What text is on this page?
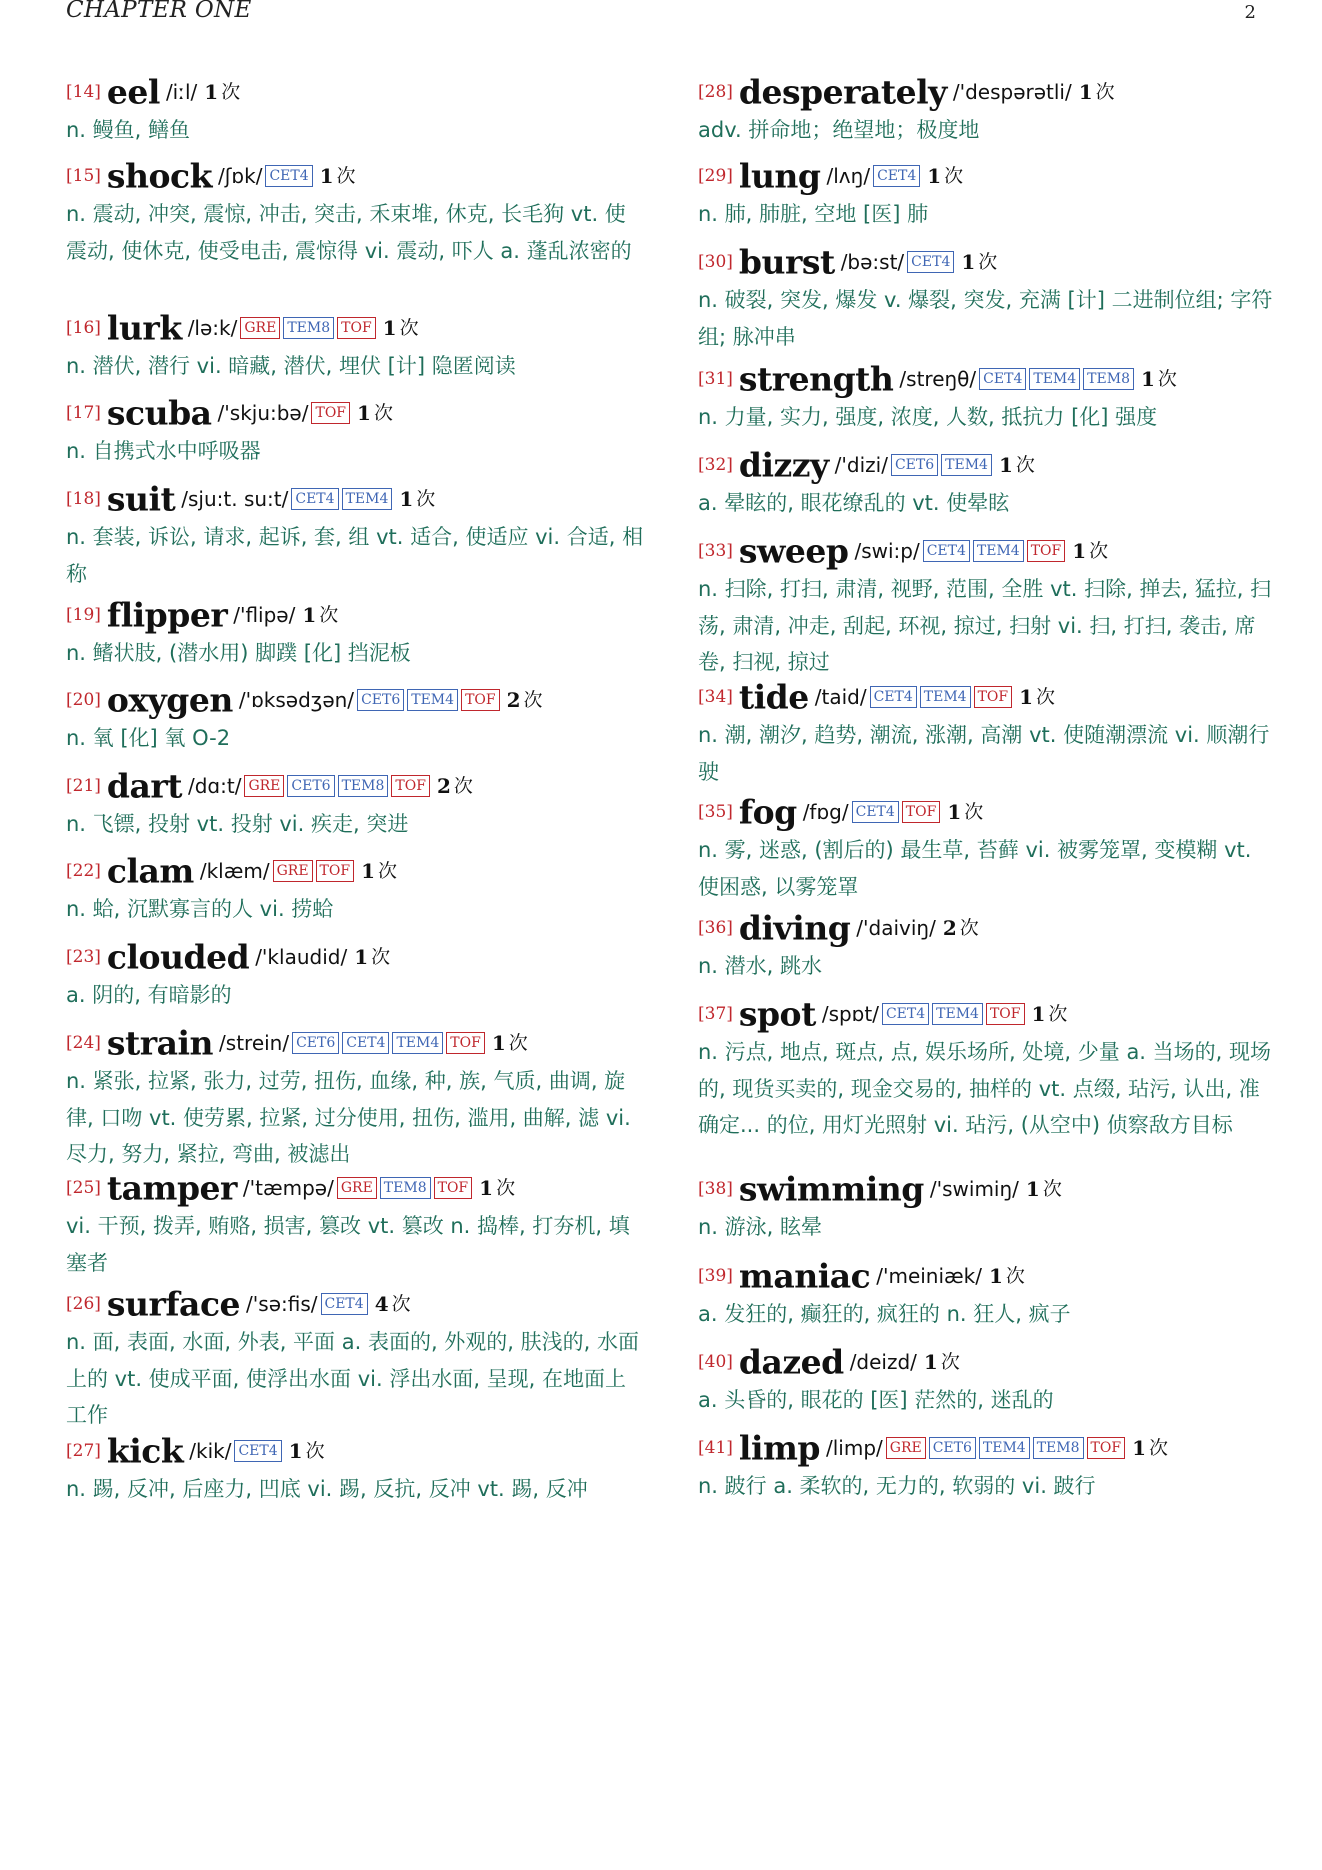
CHAPTER ONE	2
[14] eel /iːl/ 1 次
n. 鳗鱼, 鳝鱼
[15] shock /ʃɒk/ CET4 1 次
n. 震动, 冲突, 震惊, 冲击, 突击, 禾束堆, 休克, 长毛狗 vt. 使震动, 使休克, 使受电击, 震惊得 vi. 震动, 吓人 a. 蓬乱浓密的
[16] lurk /lə:k/ GRE TEM8 TOF 1 次
n. 潜伏, 潜行 vi. 暗藏, 潜伏, 埋伏 [计] 隐匿阅读
[17] scuba /'skju:bə/ TOF 1 次
n. 自携式水中呼吸器
[18] suit /sju:t. su:t/ CET4 TEM4 1 次
n. 套装, 诉讼, 请求, 起诉, 套, 组 vt. 适合, 使适应 vi. 合适, 相称
[19] flipper /'flipə/ 1 次
n. 鳍状肢, (潜水用) 脚蹼 [化] 挡泥板
[20] oxygen /'ɒksədʒən/ CET6 TEM4 TOF 2 次
n. 氧 [化] 氧 O-2
[21] dart /dɑ:t/ GRE CET6 TEM8 TOF 2 次
n. 飞镖, 投射 vt. 投射 vi. 疾走, 突进
[22] clam /klæm/ GRE TOF 1 次
n. 蛤, 沉默寡言的人 vi. 捞蛤
[23] clouded /'klaudid/ 1 次
a. 阴的, 有暗影的
[24] strain /strein/ CET6 CET4 TEM4 TOF 1 次
n. 紧张, 拉紧, 张力, 过劳, 扭伤, 血缘, 种, 族, 气质, 曲调, 旋律, 口吻 vt. 使劳累, 拉紧, 过分使用, 扭伤, 滥用, 曲解, 滤 vi. 尽力, 努力, 紧拉, 弯曲, 被滤出
[25] tamper /'tæmpə/ GRE TEM8 TOF 1 次
vi. 干预, 拨弄, 贿赂, 损害, 篡改 vt. 篡改 n. 捣棒, 打夯机, 填塞者
[26] surface /'sə:fis/ CET4 4 次
n. 面, 表面, 水面, 外表, 平面 a. 表面的, 外观的, 肤浅的, 水面上的 vt. 使成平面, 使浮出水面 vi. 浮出水面, 呈现, 在地面上工作
[27] kick /kik/ CET4 1 次
n. 踢, 反冲, 后座力, 凹底 vi. 踢, 反抗, 反冲 vt. 踢, 反冲
[28] desperately /'despərətli/ 1 次
adv. 拼命地；绝望地；极度地
[29] lung /lʌŋ/ CET4 1 次
n. 肺, 肺脏, 空地 [医] 肺
[30] burst /bə:st/ CET4 1 次
n. 破裂, 突发, 爆发 v. 爆裂, 突发, 充满 [计] 二进制位组; 字符组; 脉冲串
[31] strength /streŋθ/ CET4 TEM4 TEM8 1 次
n. 力量, 实力, 强度, 浓度, 人数, 抵抗力 [化] 强度
[32] dizzy /'dizi/ CET6 TEM4 1 次
a. 晕眩的, 眼花缭乱的 vt. 使晕眩
[33] sweep /swi:p/ CET4 TEM4 TOF 1 次
n. 扫除, 打扫, 肃清, 视野, 范围, 全胜 vt. 扫除, 掸去, 猛拉, 扫荡, 肃清, 冲走, 刮起, 环视, 掠过, 扫射 vi. 扫, 打扫, 袭击, 席卷, 扫视, 掠过
[34] tide /taid/ CET4 TEM4 TOF 1 次
n. 潮, 潮汐, 趋势, 潮流, 涨潮, 高潮 vt. 使随潮漂流 vi. 顺潮行驶
[35] fog /fɒg/ CET4 TOF 1 次
n. 雾, 迷惑, (割后的) 最生草, 苔藓 vi. 被雾笼罩, 变模糊 vt. 使困惑, 以雾笼罩
[36] diving /'daiviŋ/ 2 次
n. 潜水, 跳水
[37] spot /spɒt/ CET4 TEM4 TOF 1 次
n. 污点, 地点, 斑点, 点, 娱乐场所, 处境, 少量 a. 当场的, 现场的, 现货买卖的, 现金交易的, 抽样的 vt. 点缀, 玷污, 认出, 准确定... 的位, 用灯光照射 vi. 玷污, (从空中) 侦察敌方目标
[38] swimming /'swimiŋ/ 1 次
n. 游泳, 眩晕
[39] maniac /'meiniæk/ 1 次
a. 发狂的, 癫狂的, 疯狂的 n. 狂人, 疯子
[40] dazed /deizd/ 1 次
a. 头昏的, 眼花的 [医] 茫然的, 迷乱的
[41] limp /limp/ GRE CET6 TEM4 TEM8 TOF 1 次
n. 跛行 a. 柔软的, 无力的, 软弱的 vi. 跛行
